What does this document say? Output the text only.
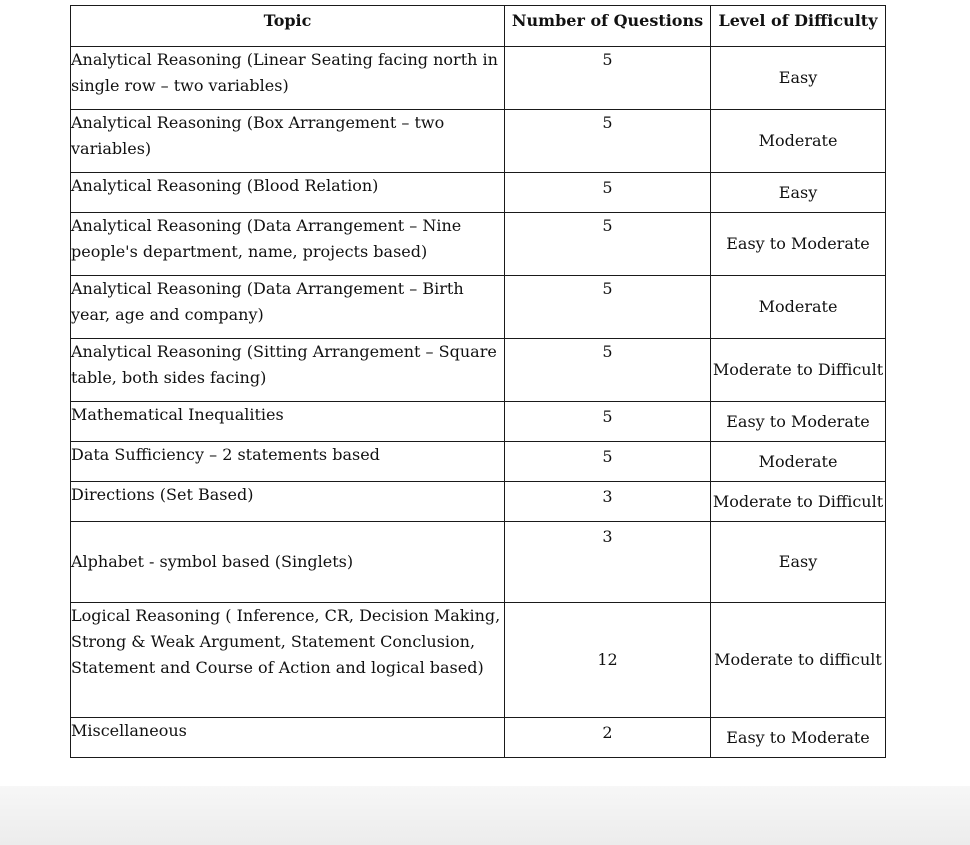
Topic	Number of Questions	Level of Difficulty
Analytical Reasoning (Linear Seating facing north in single row – two variables)	5	Easy
Analytical Reasoning (Box Arrangement – two variables)	5	Moderate
Analytical Reasoning (Blood Relation)	5	Easy
Analytical Reasoning (Data Arrangement – Nine people's department, name, projects based)	5	Easy to Moderate
Analytical Reasoning (Data Arrangement – Birth year, age and company)	5	Moderate
Analytical Reasoning (Sitting Arrangement – Square table, both sides facing)	5	Moderate to Difficult
Mathematical Inequalities	5	Easy to Moderate
Data Sufficiency – 2 statements based	5	Moderate
Directions (Set Based)	3	Moderate to Difficult
Alphabet - symbol based (Singlets)	3	Easy
Logical Reasoning ( Inference, CR, Decision Making, Strong & Weak Argument, Statement Conclusion, Statement and Course of Action and logical based)	12	Moderate to difficult
Miscellaneous	2	Easy to Moderate
